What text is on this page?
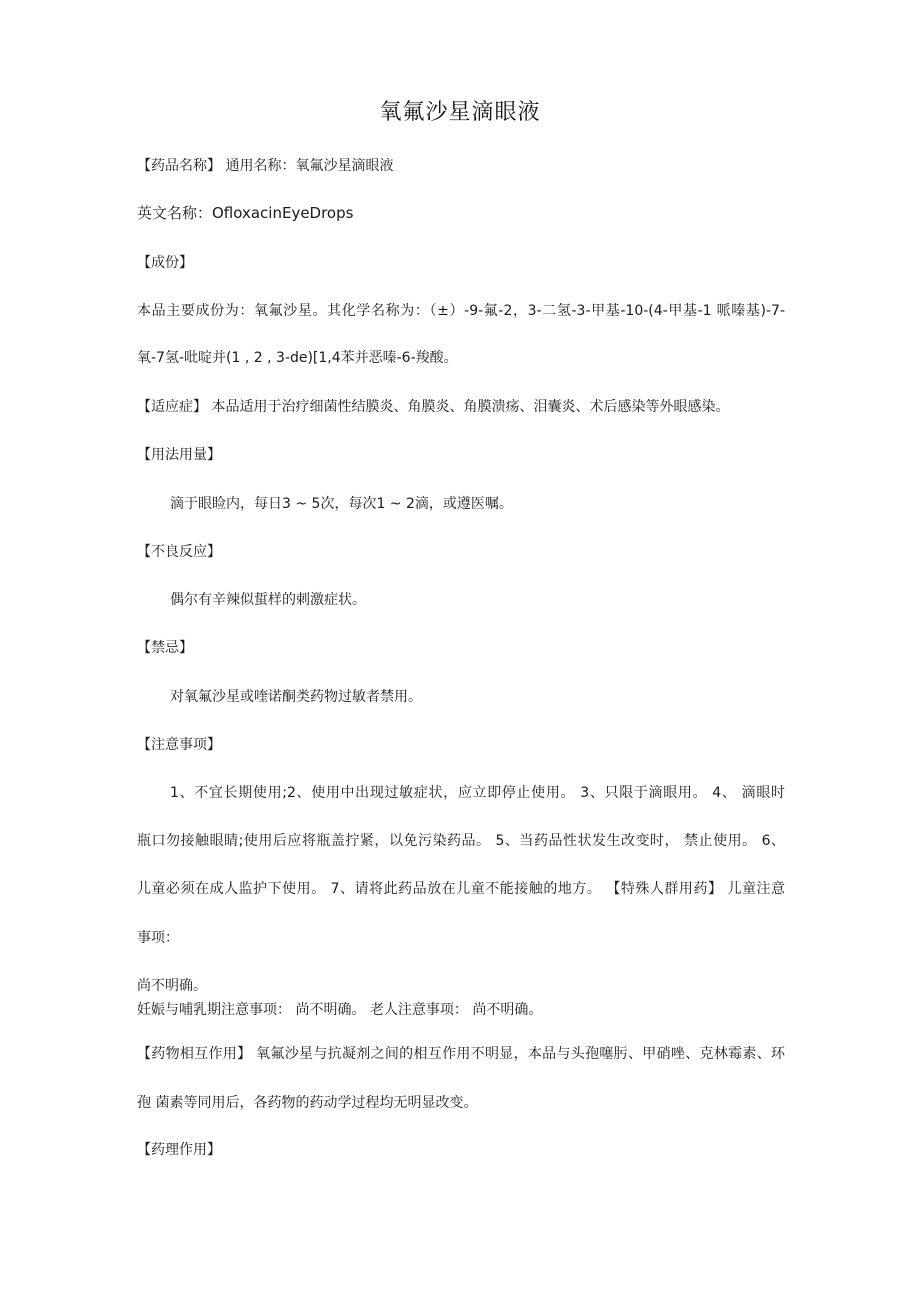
氧氟沙星滴眼液
【药品名称】 通用名称：氧氟沙星滴眼液
英文名称：OfloxacinEyeDrops
【成份】
本品主要成份为：氧氟沙星。其化学名称为：（±）-9-氟-2，3-二氢-3-甲基-10-(4-甲基-1 哌嗪基)-7-
氧-7氢-吡啶并(1 , 2 , 3-de)[1,4苯并恶嗪-6-羧酸。
【适应症】 本品适用于治疗细菌性结膜炎、角膜炎、角膜溃疡、泪囊炎、术后感染等外眼感染。
【用法用量】
滴于眼睑内，每日3 ~ 5次，每次1 ~ 2滴，或遵医嘱。
【不良反应】
偶尔有辛辣似蜇样的刺激症状。
【禁忌】
对氧氟沙星或喹诺酮类药物过敏者禁用。
【注意事项】
1、不宜长期使用;2、使用中出现过敏症状，应立即停止使用。 3、只限于滴眼用。 4、 滴眼时
瓶口勿接触眼睛;使用后应将瓶盖拧紧，以免污染药品。 5、当药品性状发生改变时， 禁止使用。 6、
儿童必须在成人监护下使用。 7、请将此药品放在儿童不能接触的地方。 【特殊人群用药】 儿童注意
事项：
尚不明确。
妊娠与哺乳期注意事项： 尚不明确。 老人注意事项： 尚不明确。
【药物相互作用】 氧氟沙星与抗凝剂之间的相互作用不明显，本品与头孢噻肟、甲硝唑、克林霉素、环
孢 菌素等同用后，各药物的药动学过程均无明显改变。
【药理作用】
